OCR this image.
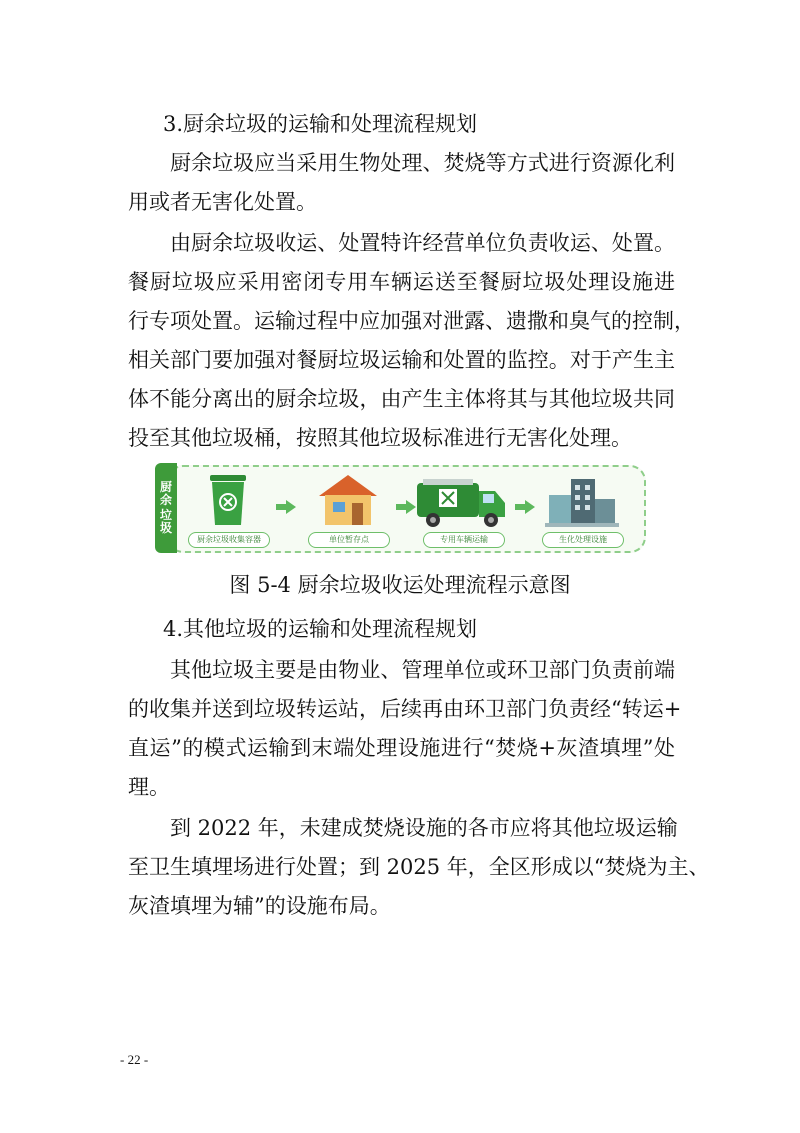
3.厨余垃圾的运输和处理流程规划
厨余垃圾应当采用生物处理、焚烧等方式进行资源化利
用或者无害化处置。
由厨余垃圾收运、处置特许经营单位负责收运、处置。
餐厨垃圾应采用密闭专用车辆运送至餐厨垃圾处理设施进
行专项处置。运输过程中应加强对泄露、遗撒和臭气的控制，
相关部门要加强对餐厨垃圾运输和处置的监控。对于产生主
体不能分离出的厨余垃圾，由产生主体将其与其他垃圾共同
投至其他垃圾桶，按照其他垃圾标准进行无害化处理。
厨
余
垃
圾
厨余垃圾收集容器	单位暂存点	专用车辆运输	生化处理设施
图 5-4 厨余垃圾收运处理流程示意图
4.其他垃圾的运输和处理流程规划
其他垃圾主要是由物业、管理单位或环卫部门负责前端
的收集并送到垃圾转运站，后续再由环卫部门负责经“转运+
直运”的模式运输到末端处理设施进行“焚烧+灰渣填埋”处
理。
到 2022 年，未建成焚烧设施的各市应将其他垃圾运输
至卫生填埋场进行处置；到 2025 年，全区形成以“焚烧为主、
灰渣填埋为辅”的设施布局。
- 22 -
